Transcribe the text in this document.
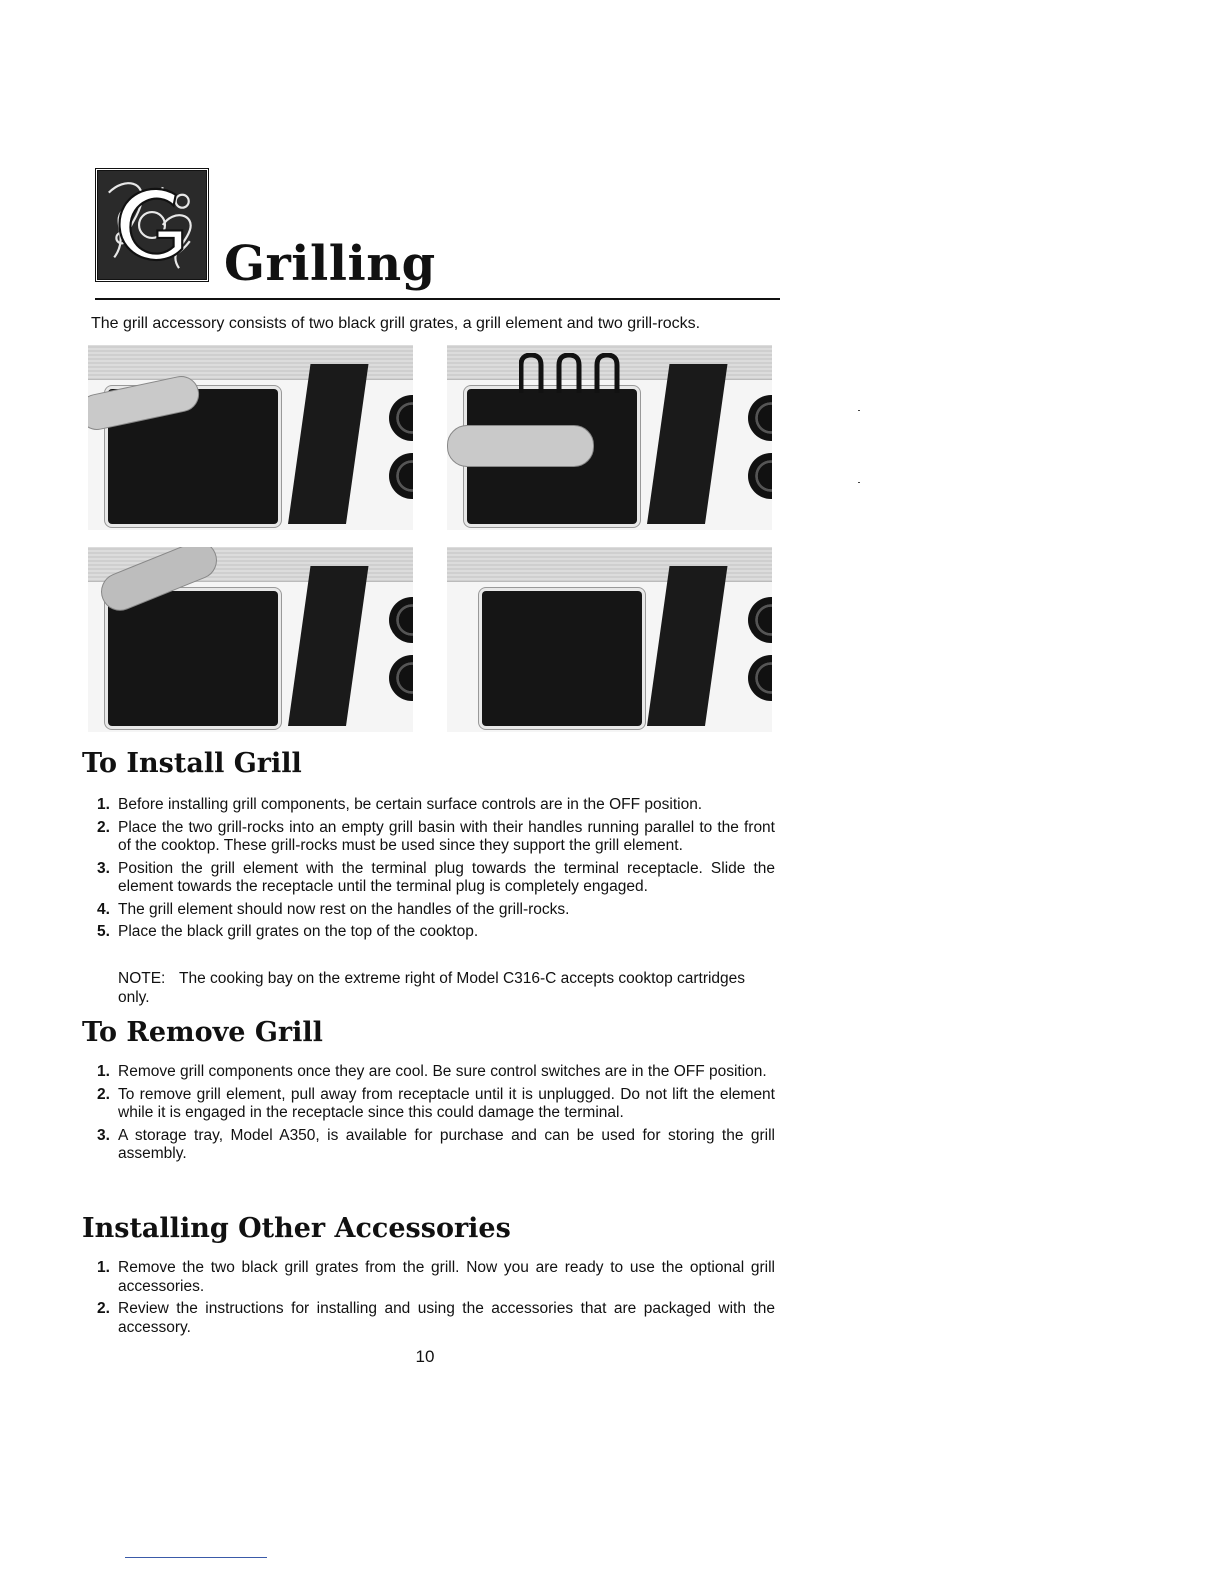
Grilling

The grill accessory consists of two black grill grates, a grill element and two grill-rocks.

To Install Grill
1. Before installing grill components, be certain surface controls are in the OFF position.
2. Place the two grill-rocks into an empty grill basin with their handles running parallel to the front of the cooktop. These grill-rocks must be used since they support the grill element.
3. Position the grill element with the terminal plug towards the terminal receptacle. Slide the element towards the receptacle until the terminal plug is completely engaged.
4. The grill element should now rest on the handles of the grill-rocks.
5. Place the black grill grates on the top of the cooktop.

NOTE: The cooking bay on the extreme right of Model C316-C accepts cooktop cartridges only.

To Remove Grill
1. Remove grill components once they are cool. Be sure control switches are in the OFF position.
2. To remove grill element, pull away from receptacle until it is unplugged. Do not lift the element while it is engaged in the receptacle since this could damage the terminal.
3. A storage tray, Model A350, is available for purchase and can be used for storing the grill assembly.
Installing Other Accessories
1. Remove the two black grill grates from the grill. Now you are ready to use the optional grill accessories.
2. Review the instructions for installing and using the accessories that are packaged with the accessory.

10
